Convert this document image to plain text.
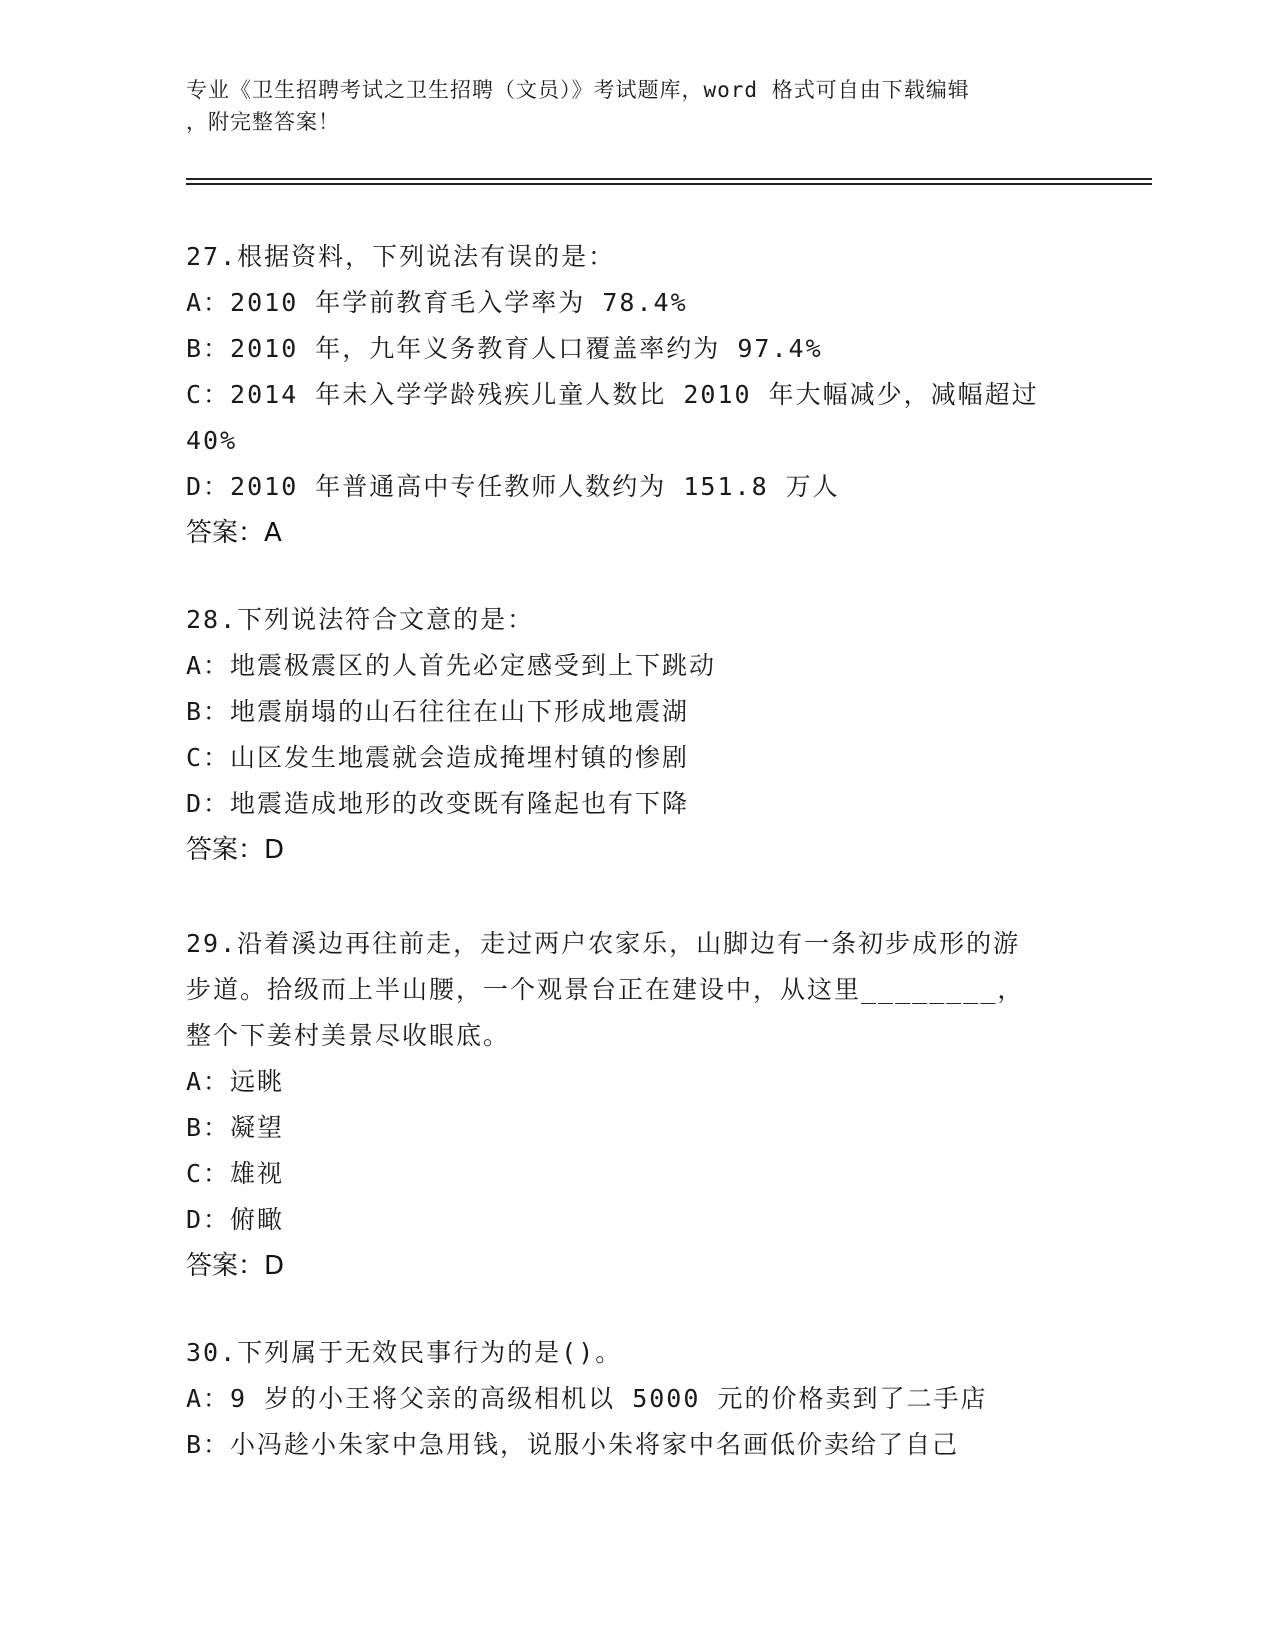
专业《卫生招聘考试之卫生招聘（文员）》考试题库，word 格式可自由下载编辑
，附完整答案！
27.根据资料，下列说法有误的是：
A：2010 年学前教育毛入学率为 78.4%
B：2010 年，九年义务教育人口覆盖率约为 97.4%
C：2014 年未入学学龄残疾儿童人数比 2010 年大幅减少，减幅超过
40%
D：2010 年普通高中专任教师人数约为 151.8 万人
答案：A
28.下列说法符合文意的是：
A：地震极震区的人首先必定感受到上下跳动
B：地震崩塌的山石往往在山下形成地震湖
C：山区发生地震就会造成掩埋村镇的惨剧
D：地震造成地形的改变既有隆起也有下降
答案：D
29.沿着溪边再往前走，走过两户农家乐，山脚边有一条初步成形的游
步道。拾级而上半山腰，一个观景台正在建设中，从这里________，
整个下姜村美景尽收眼底。
A：远眺
B：凝望
C：雄视
D：俯瞰
答案：D
30.下列属于无效民事行为的是()。
A：9 岁的小王将父亲的高级相机以 5000 元的价格卖到了二手店
B：小冯趁小朱家中急用钱，说服小朱将家中名画低价卖给了自己
